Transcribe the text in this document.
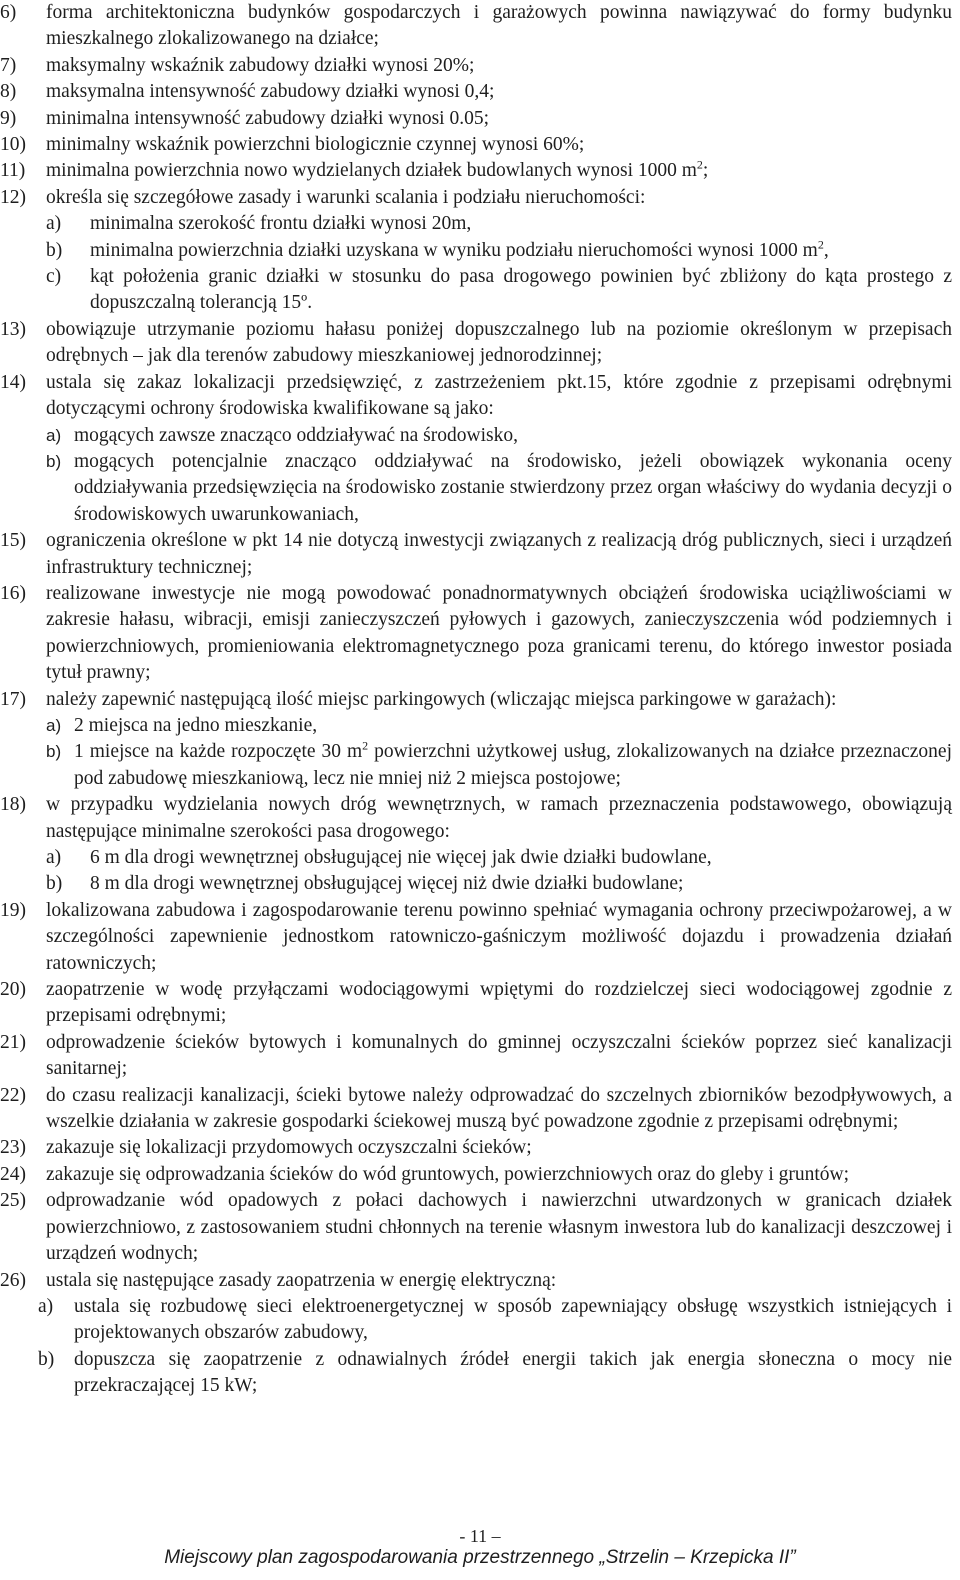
6) forma architektoniczna budynków gospodarczych i garażowych powinna nawiązywać do formy budynku mieszkalnego zlokalizowanego na działce;
7) maksymalny wskaźnik zabudowy działki wynosi 20%;
8) maksymalna intensywność zabudowy działki wynosi 0,4;
9) minimalna intensywność zabudowy działki wynosi 0.05;
10) minimalny wskaźnik powierzchni biologicznie czynnej wynosi 60%;
11) minimalna powierzchnia nowo wydzielanych działek budowlanych wynosi 1000 $m^2$;
12) określa się szczegółowe zasady i warunki scalania i podziału nieruchomości:
a) minimalna szerokość frontu działki wynosi 20m,
b) minimalna powierzchnia działki uzyskana w wyniku podziału nieruchomości wynosi 1000 $m^2$,
c) kąt położenia granic działki w stosunku do pasa drogowego powinien być zbliżony do kąta prostego z dopuszczalną tolerancją 15º.
13) obowiązuje utrzymanie poziomu hałasu poniżej dopuszczalnego lub na poziomie określonym w przepisach odrębnych – jak dla terenów zabudowy mieszkaniowej jednorodzinnej;
14) ustala się zakaz lokalizacji przedsięwzięć, z zastrzeżeniem pkt.15, które zgodnie z przepisami odrębnymi dotyczącymi ochrony środowiska kwalifikowane są jako:
a) mogących zawsze znacząco oddziaływać na środowisko,
b) mogących potencjalnie znacząco oddziaływać na środowisko, jeżeli obowiązek wykonania oceny oddziaływania przedsięwzięcia na środowisko zostanie stwierdzony przez organ właściwy do wydania decyzji o środowiskowych uwarunkowaniach,
15) ograniczenia określone w pkt 14 nie dotyczą inwestycji związanych z realizacją dróg publicznych, sieci i urządzeń infrastruktury technicznej;
16) realizowane inwestycje nie mogą powodować ponadnormatywnych obciążeń środowiska uciążliwościami w zakresie hałasu, wibracji, emisji zanieczyszczeń pyłowych i gazowych, zanieczyszczenia wód podziemnych i powierzchniowych, promieniowania elektromagnetycznego poza granicami terenu, do którego inwestor posiada tytuł prawny;
17) należy zapewnić następującą ilość miejsc parkingowych (wliczając miejsca parkingowe w garażach):
a) 2 miejsca na jedno mieszkanie,
b) 1 miejsce na każde rozpoczęte 30 $m^2$ powierzchni użytkowej usług, zlokalizowanych na działce przeznaczonej pod zabudowę mieszkaniową, lecz nie mniej niż 2 miejsca postojowe;
18) w przypadku wydzielania nowych dróg wewnętrznych, w ramach przeznaczenia podstawowego, obowiązują następujące minimalne szerokości pasa drogowego:
a) 6 m dla drogi wewnętrznej obsługującej nie więcej jak dwie działki budowlane,
b) 8 m dla drogi wewnętrznej obsługującej więcej niż dwie działki budowlane;
19) lokalizowana zabudowa i zagospodarowanie terenu powinno spełniać wymagania ochrony przeciwpożarowej, a w szczególności zapewnienie jednostkom ratowniczo-gaśniczym możliwość dojazdu i prowadzenia działań ratowniczych;
20) zaopatrzenie w wodę przyłączami wodociągowymi wpiętymi do rozdzielczej sieci wodociągowej zgodnie z przepisami odrębnymi;
21) odprowadzenie ścieków bytowych i komunalnych do gminnej oczyszczalni ścieków poprzez sieć kanalizacji sanitarnej;
22) do czasu realizacji kanalizacji, ścieki bytowe należy odprowadzać do szczelnych zbiorników bezodpływowych, a wszelkie działania w zakresie gospodarki ściekowej muszą być powadzone zgodnie z przepisami odrębnymi;
23) zakazuje się lokalizacji przydomowych oczyszczalni ścieków;
24) zakazuje się odprowadzania ścieków do wód gruntowych, powierzchniowych oraz do gleby i gruntów;
25) odprowadzanie wód opadowych z połaci dachowych i nawierzchni utwardzonych w granicach działek powierzchniowo, z zastosowaniem studni chłonnych na terenie własnym inwestora lub do kanalizacji deszczowej i urządzeń wodnych;
26) ustala się następujące zasady zaopatrzenia w energię elektryczną:
a) ustala się rozbudowę sieci elektroenergetycznej w sposób zapewniający obsługę wszystkich istniejących i projektowanych obszarów zabudowy,
b) dopuszcza się zaopatrzenie z odnawialnych źródeł energii takich jak energia słoneczna o mocy nie przekraczającej 15 kW;
- 11 –
Miejscowy plan zagospodarowania przestrzennego „Strzelin – Krzepicka II”
